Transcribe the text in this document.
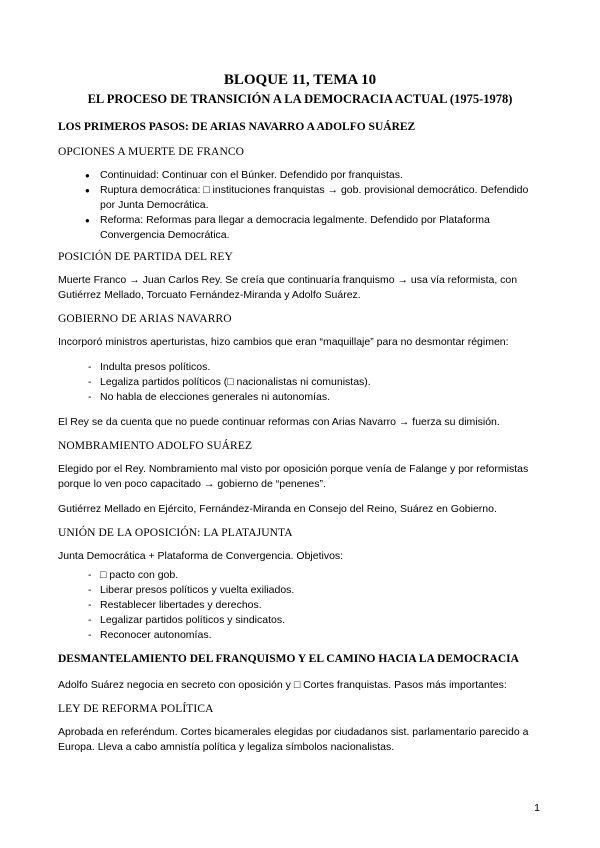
BLOQUE 11, TEMA 10
EL PROCESO DE TRANSICIÓN A LA DEMOCRACIA ACTUAL (1975-1978)
LOS PRIMEROS PASOS: DE ARIAS NAVARRO A ADOLFO SUÁREZ
OPCIONES A MUERTE DE FRANCO
● Continuidad: Continuar con el Búnker. Defendido por franquistas.
● Ruptura democrática: □ instituciones franquistas → gob. provisional democrático. Defendido por Junta Democrática.
● Reforma: Reformas para llegar a democracia legalmente. Defendido por Plataforma Convergencia Democrática.
POSICIÓN DE PARTIDA DEL REY

Muerte Franco → Juan Carlos Rey. Se creía que continuaría franquismo → usa vía reformista, con Gutiérrez Mellado, Torcuato Fernández-Miranda y Adolfo Suárez.

GOBIERNO DE ARIAS NAVARRO

Incorporó ministros aperturistas, hizo cambios que eran “maquillaje” para no desmontar régimen:

- Indulta presos políticos.
- Legaliza partidos políticos (□ nacionalistas ni comunistas).
- No habla de elecciones generales ni autonomías.

El Rey se da cuenta que no puede continuar reformas con Arias Navarro → fuerza su dimisión.

NOMBRAMIENTO ADOLFO SUÁREZ

Elegido por el Rey. Nombramiento mal visto por oposición porque venía de Falange y por reformistas porque lo ven poco capacitado → gobierno de “penenes”.

Gutiérrez Mellado en Ejército, Fernández-Miranda en Consejo del Reino, Suárez en Gobierno.

UNIÓN DE LA OPOSICIÓN: LA PLATAJUNTA

Junta Democrática + Plataforma de Convergencia. Objetivos:

- □ pacto con gob.
- Liberar presos políticos y vuelta exiliados.
- Restablecer libertades y derechos.
- Legalizar partidos políticos y sindicatos.
- Reconocer autonomías.
DESMANTELAMIENTO DEL FRANQUISMO Y EL CAMINO HACIA LA DEMOCRACIA

Adolfo Suárez negocia en secreto con oposición y □ Cortes franquistas. Pasos más importantes:

LEY DE REFORMA POLÍTICA

Aprobada en referéndum. Cortes bicamerales elegidas por ciudadanos sist. parlamentario parecido a Europa. Lleva a cabo amnistía política y legaliza símbolos nacionalistas.

1
